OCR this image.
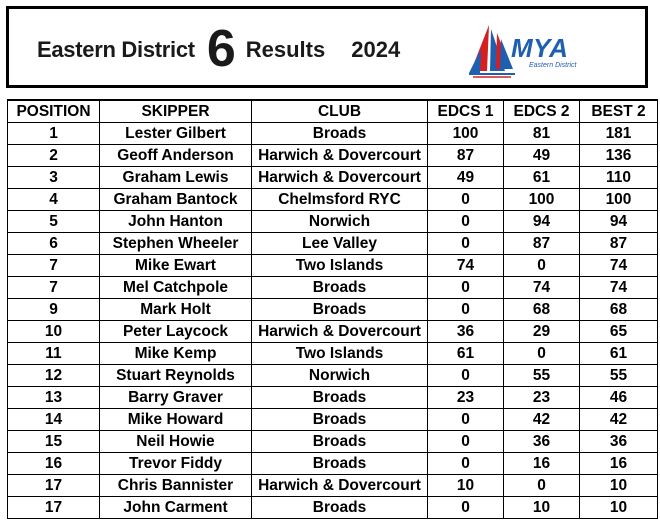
Eastern District 6 Results 2024	MYA
Eastern District
POSITION	SKIPPER	CLUB	EDCS 1	EDCS 2	BEST 2
1	Lester Gilbert	Broads	100	81	181
2	Geoff Anderson	Harwich & Dovercourt	87	49	136
3	Graham Lewis	Harwich & Dovercourt	49	61	110
4	Graham Bantock	Chelmsford RYC	0	100	100
5	John Hanton	Norwich	0	94	94
6	Stephen Wheeler	Lee Valley	0	87	87
7	Mike Ewart	Two Islands	74	0	74
7	Mel Catchpole	Broads	0	74	74
9	Mark Holt	Broads	0	68	68
10	Peter Laycock	Harwich & Dovercourt	36	29	65
11	Mike Kemp	Two Islands	61	0	61
12	Stuart Reynolds	Norwich	0	55	55
13	Barry Graver	Broads	23	23	46
14	Mike Howard	Broads	0	42	42
15	Neil Howie	Broads	0	36	36
16	Trevor Fiddy	Broads	0	16	16
17	Chris Bannister	Harwich & Dovercourt	10	0	10
17	John Carment	Broads	0	10	10
